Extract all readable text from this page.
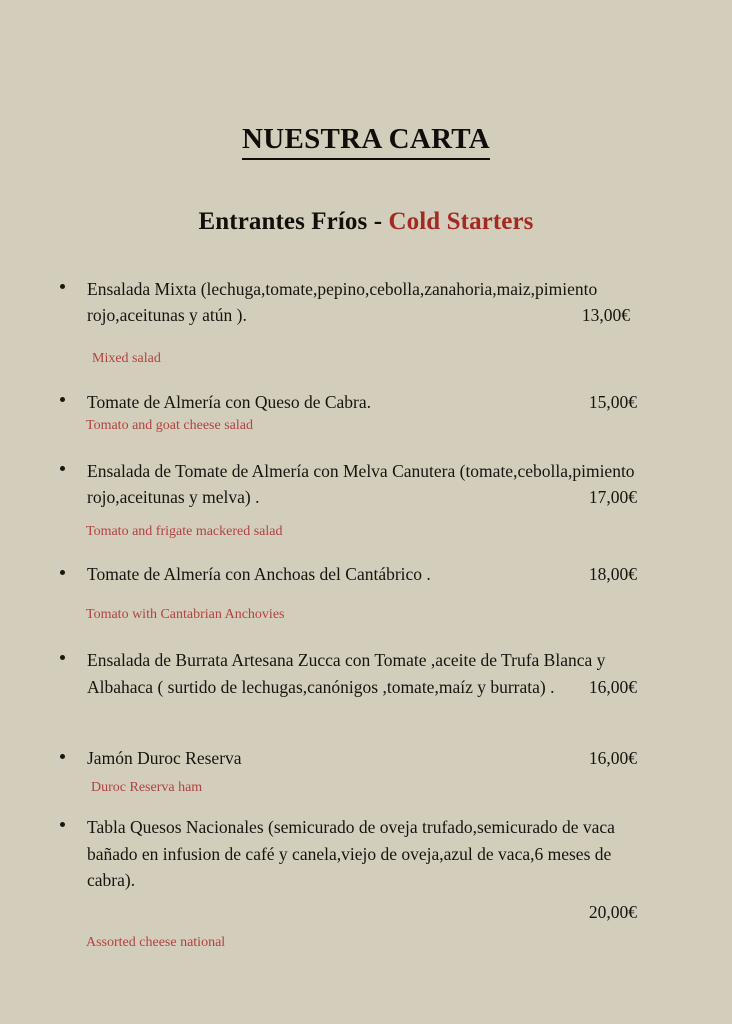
NUESTRA CARTA
Entrantes Fríos - Cold Starters
Ensalada Mixta (lechuga,tomate,pepino,cebolla,zanahoria,maiz,pimiento rojo,aceitunas y atún ).	13,00€
Mixed salad
Tomate de Almería con Queso de Cabra.	15,00€
Tomato and goat cheese salad
Ensalada de Tomate de Almería con Melva Canutera (tomate,cebolla,pimiento rojo,aceitunas y melva) .	17,00€
Tomato and frigate mackered salad
Tomate de Almería con Anchoas del Cantábrico .	18,00€
Tomato with Cantabrian Anchovies
Ensalada de Burrata Artesana Zucca con Tomate ,aceite de Trufa Blanca y Albahaca ( surtido de lechugas,canónigos ,tomate,maíz y burrata) .	16,00€
Jamón Duroc Reserva	16,00€
Duroc Reserva ham
Tabla Quesos Nacionales (semicurado de oveja trufado,semicurado de vaca bañado en infusion de café y canela,viejo de oveja,azul de vaca,6 meses de cabra).
20,00€
Assorted cheese national
